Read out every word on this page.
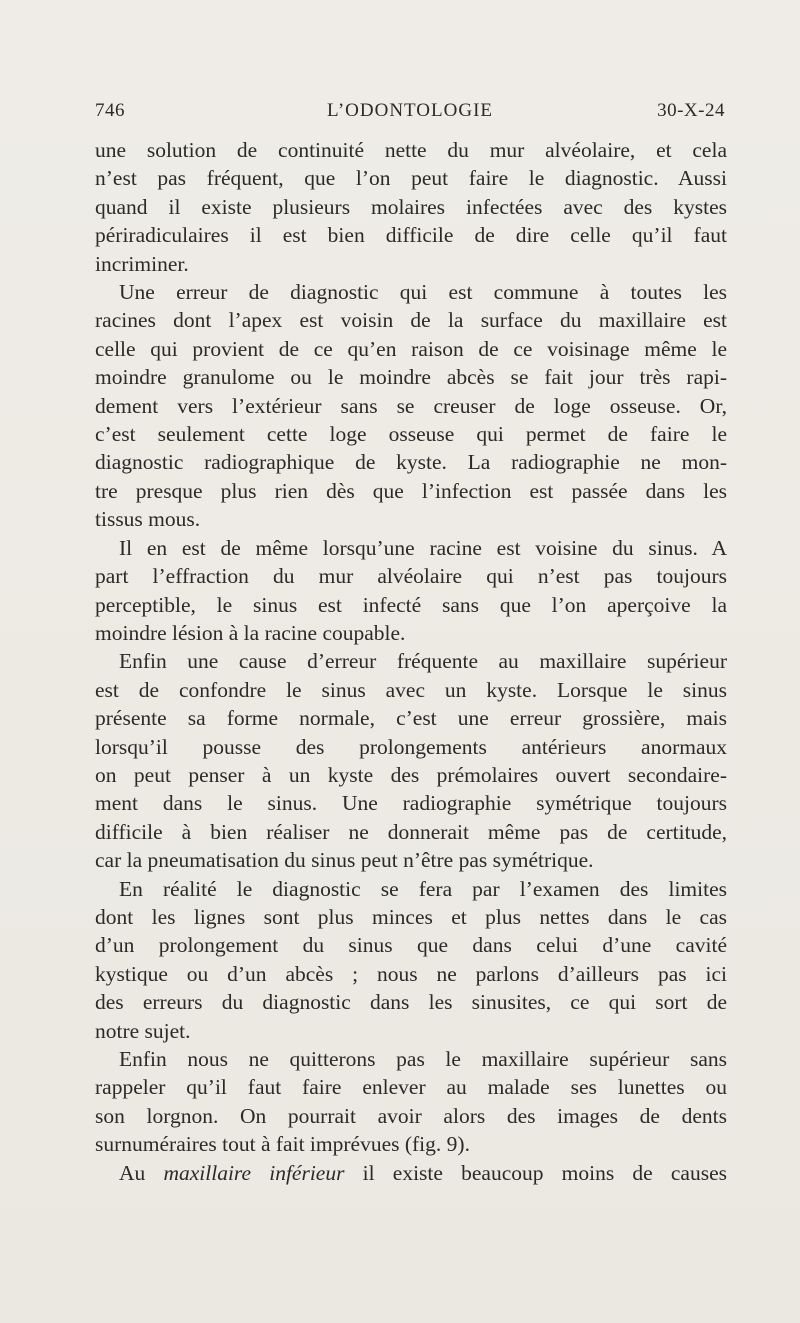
746	L’ODONTOLOGIE	30-X-24
une solution de continuité nette du mur alvéolaire, et cela
n’est pas fréquent, que l’on peut faire le diagnostic. Aussi
quand il existe plusieurs molaires infectées avec des kystes
périradiculaires il est bien difficile de dire celle qu’il faut
incriminer.
Une erreur de diagnostic qui est commune à toutes les
racines dont l’apex est voisin de la surface du maxillaire est
celle qui provient de ce qu’en raison de ce voisinage même le
moindre granulome ou le moindre abcès se fait jour très rapi-
dement vers l’extérieur sans se creuser de loge osseuse. Or,
c’est seulement cette loge osseuse qui permet de faire le
diagnostic radiographique de kyste. La radiographie ne mon-
tre presque plus rien dès que l’infection est passée dans les
tissus mous.
Il en est de même lorsqu’une racine est voisine du sinus. A
part l’effraction du mur alvéolaire qui n’est pas toujours
perceptible, le sinus est infecté sans que l’on aperçoive la
moindre lésion à la racine coupable.
Enfin une cause d’erreur fréquente au maxillaire supérieur
est de confondre le sinus avec un kyste. Lorsque le sinus
présente sa forme normale, c’est une erreur grossière, mais
lorsqu’il pousse des prolongements antérieurs anormaux
on peut penser à un kyste des prémolaires ouvert secondaire-
ment dans le sinus. Une radiographie symétrique toujours
difficile à bien réaliser ne donnerait même pas de certitude,
car la pneumatisation du sinus peut n’être pas symétrique.
En réalité le diagnostic se fera par l’examen des limites
dont les lignes sont plus minces et plus nettes dans le cas
d’un prolongement du sinus que dans celui d’une cavité
kystique ou d’un abcès ; nous ne parlons d’ailleurs pas ici
des erreurs du diagnostic dans les sinusites, ce qui sort de
notre sujet.
Enfin nous ne quitterons pas le maxillaire supérieur sans
rappeler qu’il faut faire enlever au malade ses lunettes ou
son lorgnon. On pourrait avoir alors des images de dents
surnuméraires tout à fait imprévues (fig. 9).
Au maxillaire inférieur il existe beaucoup moins de causes
